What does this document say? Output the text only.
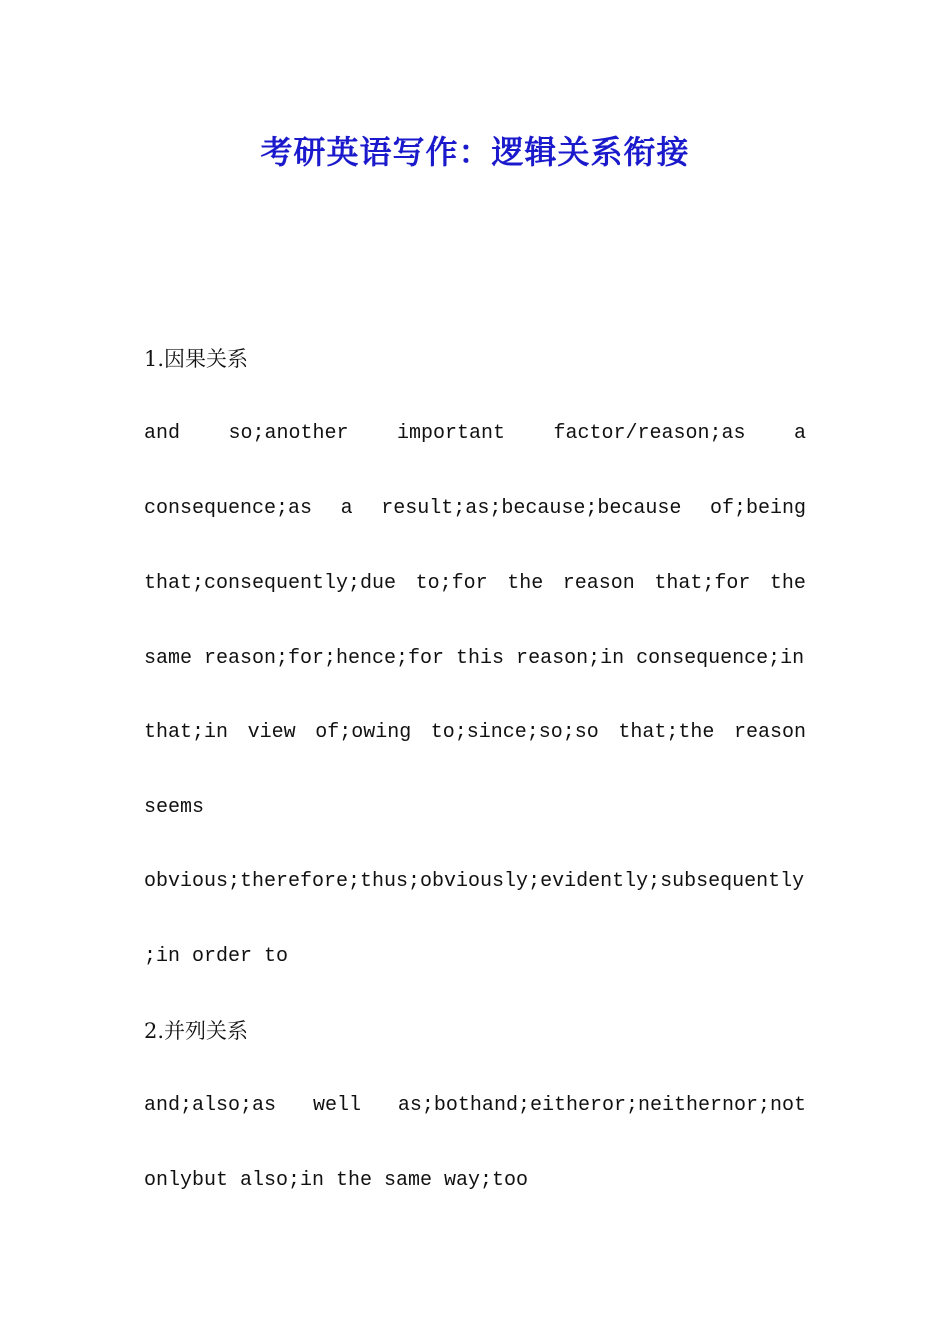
考研英语写作：逻辑关系衔接
1.因果关系
and so;another important factor/reason;as a
consequence;as a result;as;because;because of;being
that;consequently;due to;for the reason that;for the
same reason;for;hence;for this reason;in consequence;in
that;in view of;owing to;since;so;so that;the reason
seems
obvious;therefore;thus;obviously;evidently;subsequently
;in order to
2.并列关系
and;also;as well as;bothand;eitheror;neithernor;not
onlybut also;in the same way;too
